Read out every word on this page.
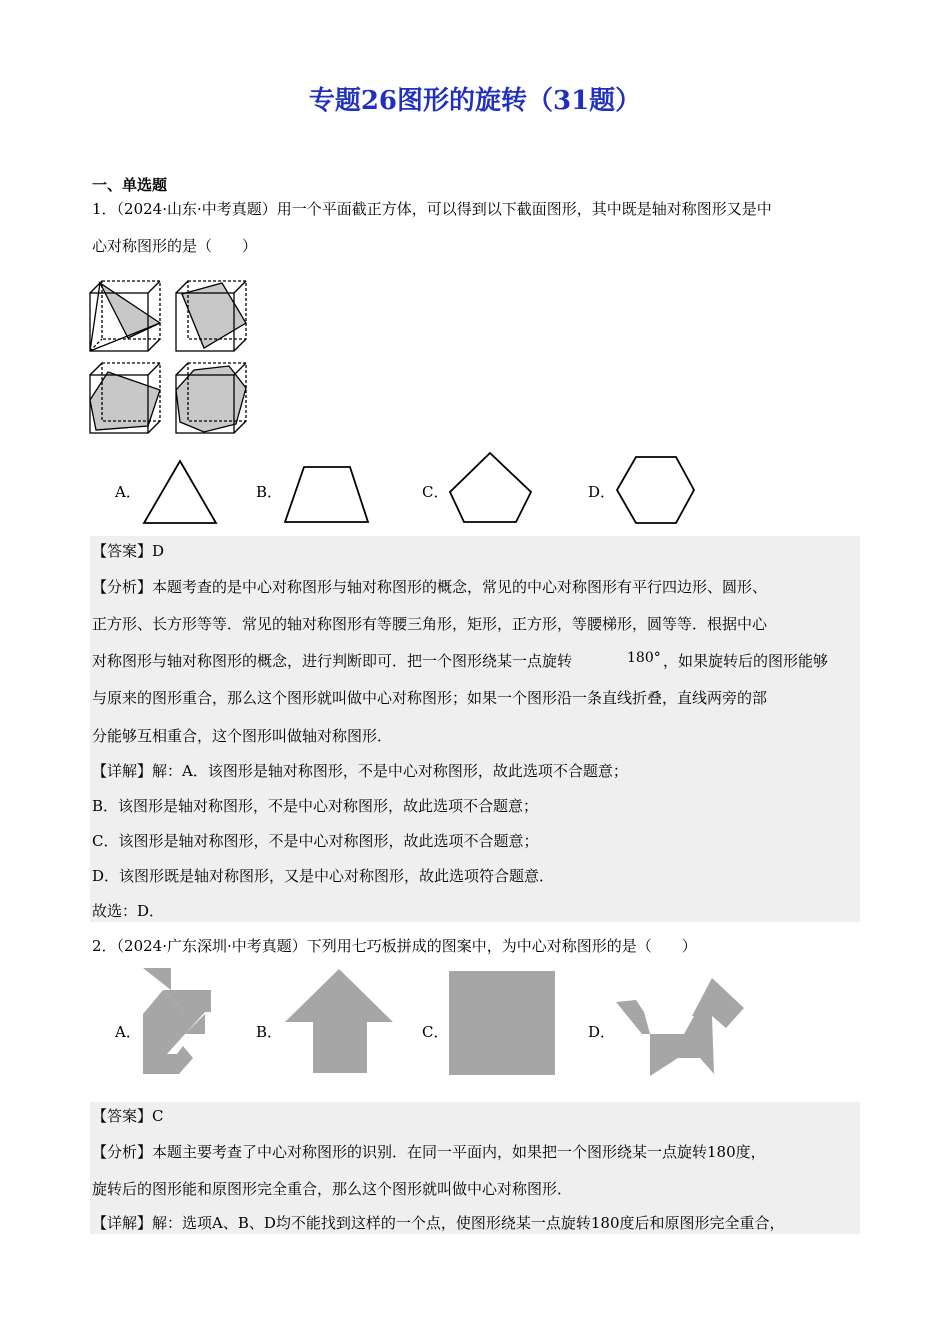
专题26图形的旋转（31题）
一、单选题
1．（2024·山东·中考真题）用一个平面截正方体，可以得到以下截面图形，其中既是轴对称图形又是中
心对称图形的是（　　）
A．	B．	C．	D．
【答案】D
【分析】本题考查的是中心对称图形与轴对称图形的概念，常见的中心对称图形有平行四边形、圆形、
正方形、长方形等等．常见的轴对称图形有等腰三角形，矩形，正方形，等腰梯形，圆等等．根据中心
对称图形与轴对称图形的概念，进行判断即可．把一个图形绕某一点旋转	180° ，如果旋转后的图形能够
与原来的图形重合，那么这个图形就叫做中心对称图形；如果一个图形沿一条直线折叠，直线两旁的部
分能够互相重合，这个图形叫做轴对称图形．
【详解】解：A．该图形是轴对称图形，不是中心对称图形，故此选项不合题意；
B．该图形是轴对称图形，不是中心对称图形，故此选项不合题意；
C．该图形是轴对称图形，不是中心对称图形，故此选项不合题意；
D．该图形既是轴对称图形，又是中心对称图形，故此选项符合题意．
故选：D．
2．（2024·广东深圳·中考真题）下列用七巧板拼成的图案中，为中心对称图形的是（　　）
A．	B．	C．	D．
【答案】C
【分析】本题主要考查了中心对称图形的识别．在同一平面内，如果把一个图形绕某一点旋转180度，
旋转后的图形能和原图形完全重合，那么这个图形就叫做中心对称图形．
【详解】解：选项A、B、D均不能找到这样的一个点，使图形绕某一点旋转180度后和原图形完全重合，
